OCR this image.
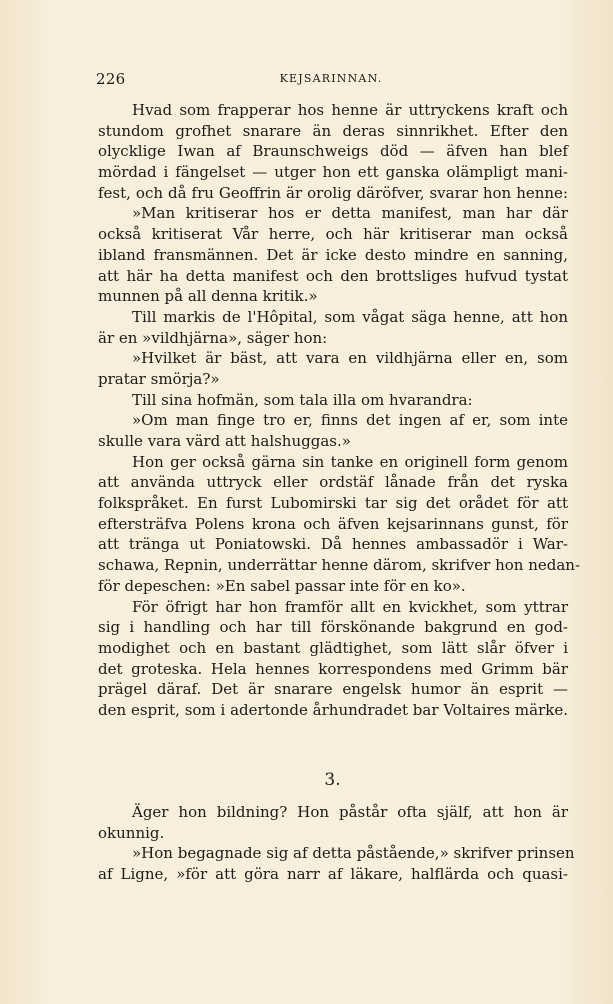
226	KEJSARINNAN.
Hvad som frapperar hos henne är uttryckens kraft och
stundom grofhet snarare än deras sinnrikhet. Efter den
olycklige Iwan af Braunschweigs död — äfven han blef
mördad i fängelset — utger hon ett ganska olämpligt mani-
fest, och då fru Geoffrin är orolig däröfver, svarar hon henne:
»Man kritiserar hos er detta manifest, man har där
också kritiserat Vår herre, och här kritiserar man också
ibland fransmännen. Det är icke desto mindre en sanning,
att här ha detta manifest och den brottsliges hufvud tystat
munnen på all denna kritik.»
Till markis de l'Hôpital, som vågat säga henne, att hon
är en »vildhjärna», säger hon:
»Hvilket är bäst, att vara en vildhjärna eller en, som
pratar smörja?»
Till sina hofmän, som tala illa om hvarandra:
»Om man finge tro er, finns det ingen af er, som inte
skulle vara värd att halshuggas.»
Hon ger också gärna sin tanke en originell form genom
att använda uttryck eller ordstäf lånade från det ryska
folkspråket. En furst Lubomirski tar sig det orådet för att
eftersträfva Polens krona och äfven kejsarinnans gunst, för
att tränga ut Poniatowski. Då hennes ambassadör i War-
schawa, Repnin, underrättar henne därom, skrifver hon nedan-
för depeschen: »En sabel passar inte för en ko».
För öfrigt har hon framför allt en kvickhet, som yttrar
sig i handling och har till förskönande bakgrund en god-
modighet och en bastant glädtighet, som lätt slår öfver i
det groteska. Hela hennes korrespondens med Grimm bär
prägel däraf. Det är snarare engelsk humor än esprit —
den esprit, som i adertonde århundradet bar Voltaires märke.
3.
Äger hon bildning? Hon påstår ofta själf, att hon är
okunnig.
»Hon begagnade sig af detta påstående,» skrifver prinsen
af Ligne, »för att göra narr af läkare, halflärda och quasi-
